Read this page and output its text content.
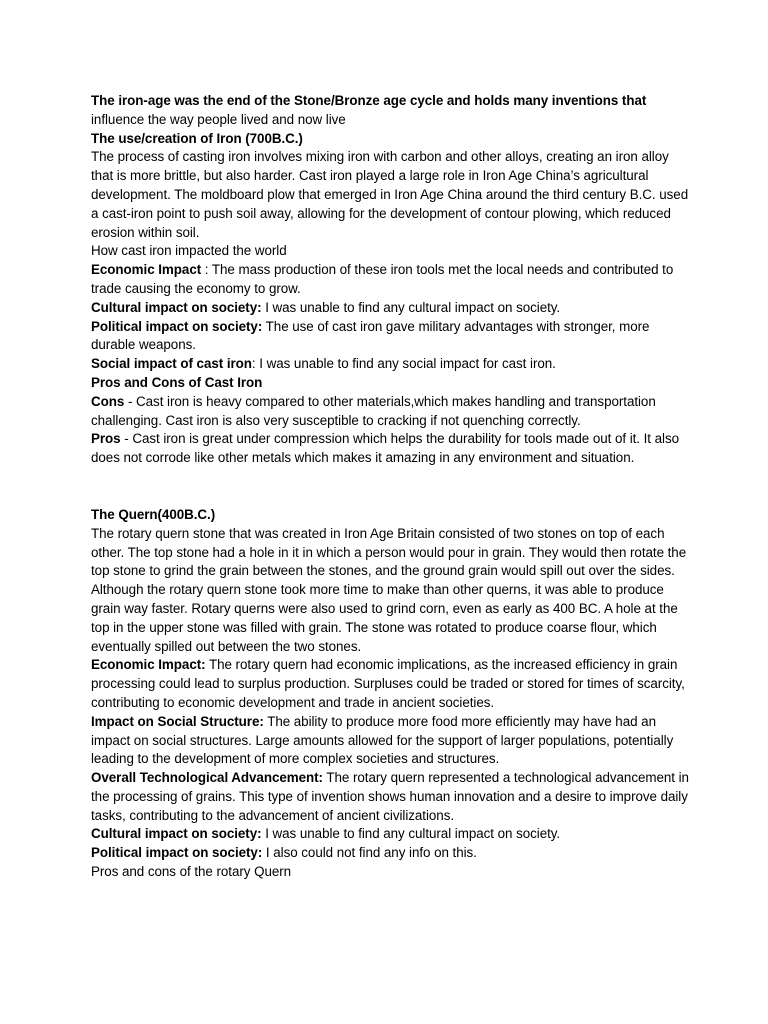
The iron-age was the end of the Stone/Bronze age cycle and holds many inventions that

influence the way people lived and now live

The use/creation of Iron (700B.C.)

The process of casting iron involves mixing iron with carbon and other alloys, creating an iron alloy that is more brittle, but also harder. Cast iron played a large role in Iron Age China’s agricultural development. The moldboard plow that emerged in Iron Age China around the third century B.C. used a cast-iron point to push soil away, allowing for the development of contour plowing, which reduced erosion within soil.

How cast iron impacted the world

Economic Impact : The mass production of these iron tools met the local needs and contributed to trade causing the economy to grow.

Cultural impact on society: I was unable to find any cultural impact on society.

Political impact on society: The use of cast iron gave military advantages with stronger, more durable weapons.

Social impact of cast iron: I was unable to find any social impact for cast iron.

Pros and Cons of Cast Iron

Cons - Cast iron is heavy compared to other materials,which makes handling and transportation challenging. Cast iron is also very susceptible to cracking if not quenching correctly.

Pros - Cast iron is great under compression which helps the durability for tools made out of it. It also does not corrode like other metals which makes it amazing in any environment and situation.

The Quern(400B.C.)

The rotary quern stone that was created in Iron Age Britain consisted of two stones on top of each other. The top stone had a hole in it in which a person would pour in grain. They would then rotate the top stone to grind the grain between the stones, and the ground grain would spill out over the sides. Although the rotary quern stone took more time to make than other querns, it was able to produce grain way faster. Rotary querns were also used to grind corn, even as early as 400 BC. A hole at the top in the upper stone was filled with grain. The stone was rotated to produce coarse flour, which eventually spilled out between the two stones.

Economic Impact: The rotary quern had economic implications, as the increased efficiency in grain processing could lead to surplus production. Surpluses could be traded or stored for times of scarcity, contributing to economic development and trade in ancient societies.

Impact on Social Structure: The ability to produce more food more efficiently may have had an impact on social structures. Large amounts allowed for the support of larger populations, potentially leading to the development of more complex societies and structures.

Overall Technological Advancement: The rotary quern represented a technological advancement in the processing of grains. This type of invention shows human innovation and a desire to improve daily tasks, contributing to the advancement of ancient civilizations.

Cultural impact on society: I was unable to find any cultural impact on society.

Political impact on society: I also could not find any info on this.

Pros and cons of the rotary Quern
